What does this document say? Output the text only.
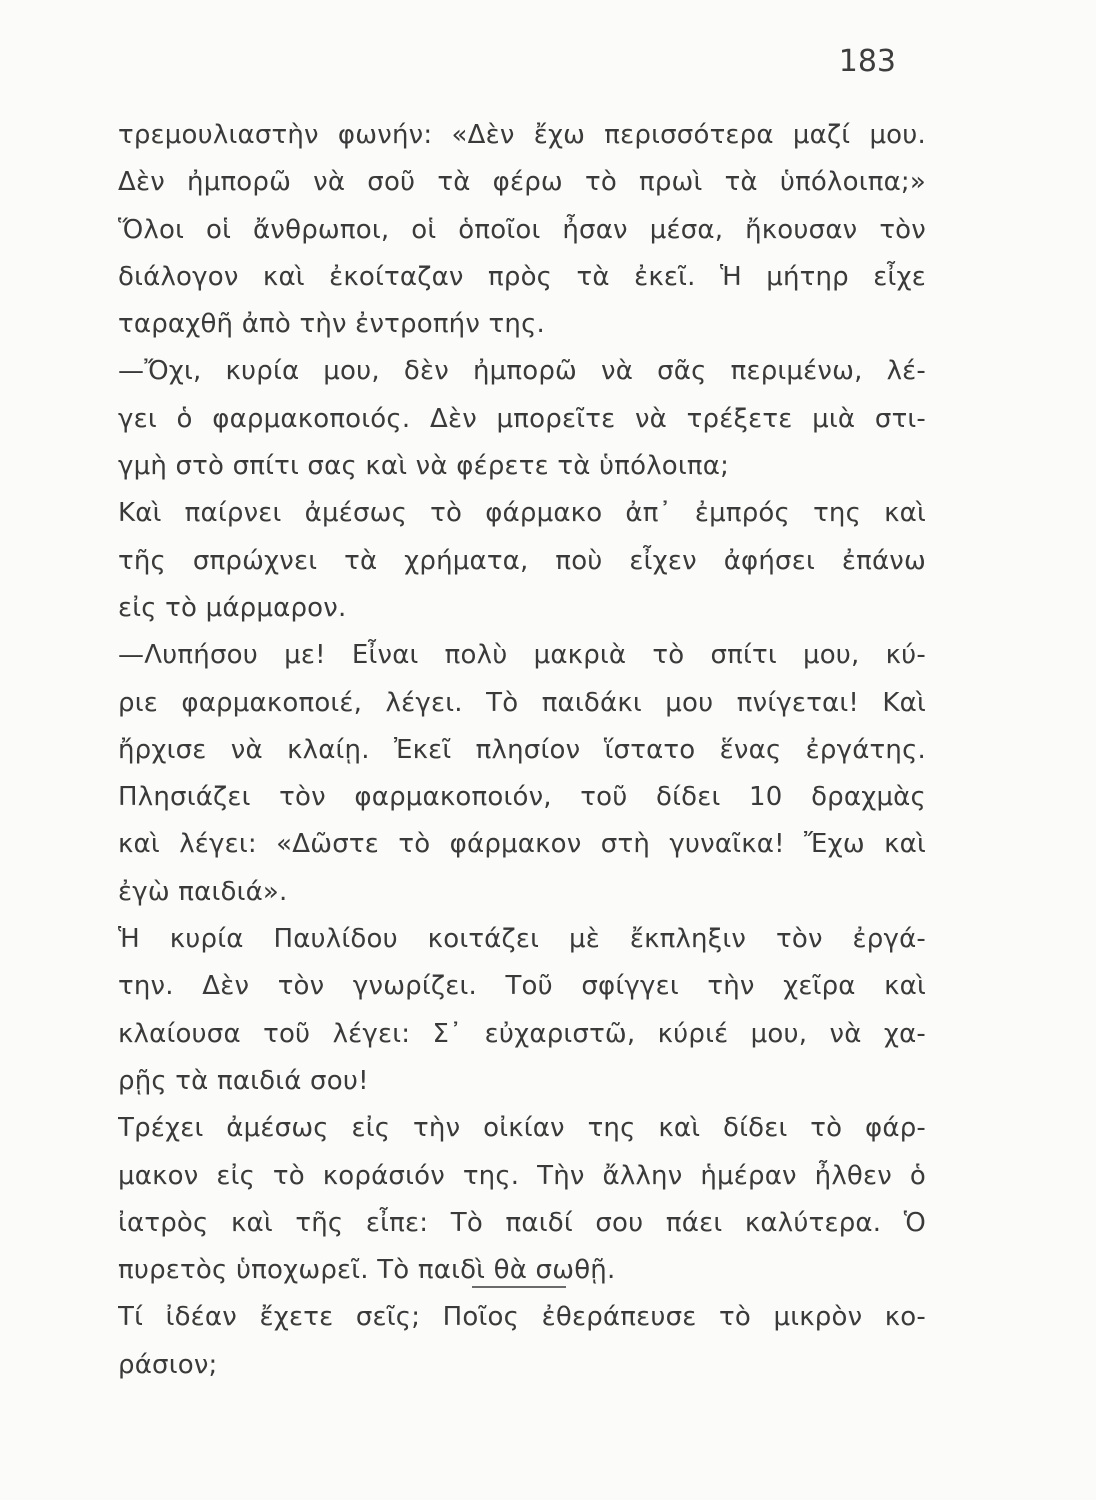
183
τρεμουλιαστὴν φωνήν: «Δὲν ἔχω περισσότερα μαζί μου.
Δὲν ἠμπορῶ νὰ σοῦ τὰ φέρω τὸ πρωὶ τὰ ὑπόλοιπα;»
Ὅλοι οἱ ἄνθρωποι, οἱ ὁποῖοι ἦσαν μέσα, ἤκουσαν τὸν
διάλογον καὶ ἐκοίταζαν πρὸς τὰ ἐκεῖ. Ἡ μήτηρ εἶχε
ταραχθῆ ἀπὸ τὴν ἐντροπήν της.
—Ὄχι, κυρία μου, δὲν ἠμπορῶ νὰ σᾶς περιμένω, λέ-
γει ὁ φαρμακοποιός. Δὲν μπορεῖτε νὰ τρέξετε μιὰ στι-
γμὴ στὸ σπίτι σας καὶ νὰ φέρετε τὰ ὑπόλοιπα;
Καὶ παίρνει ἀμέσως τὸ φάρμακο ἀπ᾽ ἐμπρός της καὶ
τῆς σπρώχνει τὰ χρήματα, ποὺ εἶχεν ἀφήσει ἐπάνω
εἰς τὸ μάρμαρον.
—Λυπήσου με! Εἶναι πολὺ μακριὰ τὸ σπίτι μου, κύ-
ριε φαρμακοποιέ, λέγει. Τὸ παιδάκι μου πνίγεται! Καὶ
ἤρχισε νὰ κλαίῃ. Ἐκεῖ πλησίον ἵστατο ἕνας ἐργάτης.
Πλησιάζει τὸν φαρμακοποιόν, τοῦ δίδει 10 δραχμὰς
καὶ λέγει: «Δῶστε τὸ φάρμακον στὴ γυναῖκα! Ἔχω καὶ
ἐγὼ παιδιά».
Ἡ κυρία Παυλίδου κοιτάζει μὲ ἔκπληξιν τὸν ἐργά-
την. Δὲν τὸν γνωρίζει. Τοῦ σφίγγει τὴν χεῖρα καὶ
κλαίουσα τοῦ λέγει: Σ᾽ εὐχαριστῶ, κύριέ μου, νὰ χα-
ρῇς τὰ παιδιά σου!
Τρέχει ἀμέσως εἰς τὴν οἰκίαν της καὶ δίδει τὸ φάρ-
μακον εἰς τὸ κοράσιόν της. Τὴν ἄλλην ἡμέραν ἦλθεν ὁ
ἰατρὸς καὶ τῆς εἶπε: Τὸ παιδί σου πάει καλύτερα. Ὁ
πυρετὸς ὑποχωρεῖ. Τὸ παιδὶ θὰ σωθῇ.
Τί ἰδέαν ἔχετε σεῖς; Ποῖος ἐθεράπευσε τὸ μικρὸν κο-
ράσιον;
